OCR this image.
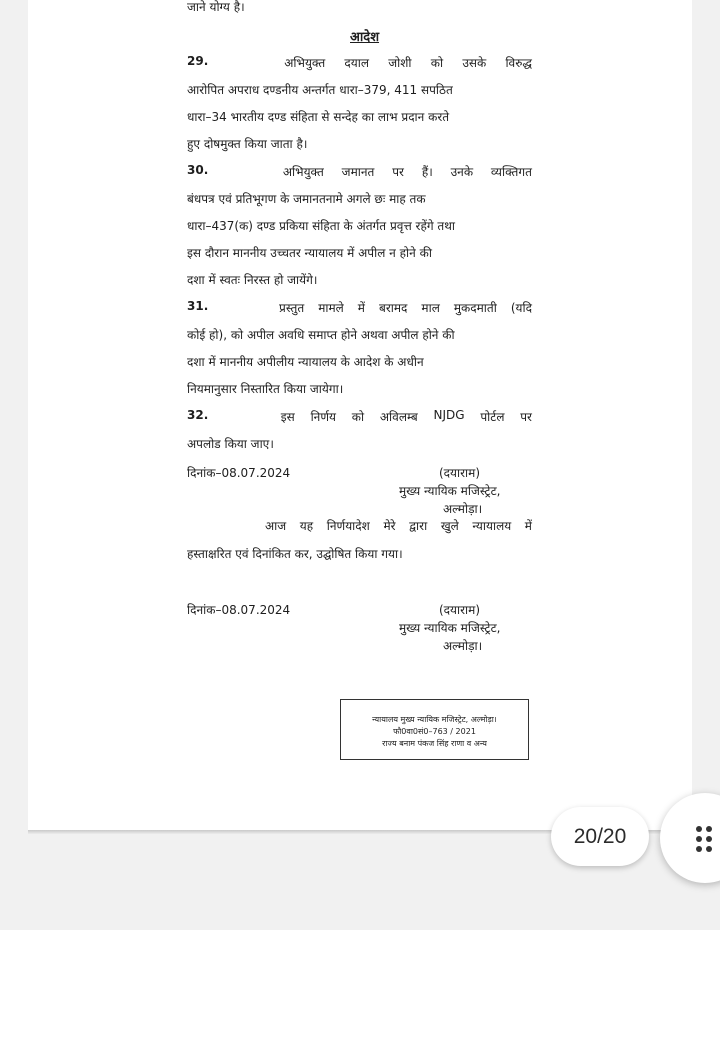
जाने योग्य है।
आदेश
29.	अभियुक्त दयाल जोशी को उसके विरुद्ध
आरोपित अपराध दण्डनीय अन्तर्गत धारा–379, 411 सपठित
धारा–34 भारतीय दण्ड संहिता से सन्देह का लाभ प्रदान करते
हुए दोषमुक्त किया जाता है।
30.	अभियुक्त जमानत पर हैं। उनके व्यक्तिगत
बंधपत्र एवं प्रतिभूगण के जमानतनामे अगले छः माह तक
धारा–437(क) दण्ड प्रकिया संहिता के अंतर्गत प्रवृत्त रहेंगे तथा
इस दौरान माननीय उच्चतर न्यायालय में अपील न होने की
दशा में स्वतः निरस्त हो जायेंगे।
31.	प्रस्तुत मामले में बरामद माल मुकदमाती (यदि
कोई हो), को अपील अवधि समाप्त होने अथवा अपील होने की
दशा में माननीय अपीलीय न्यायालय के आदेश के अधीन
नियमानुसार निस्तारित किया जायेगा।
32.	इस निर्णय को अविलम्ब NJDG पोर्टल पर
अपलोड किया जाए।
दिनांक–08.07.2024	(दयाराम)
मुख्य न्यायिक मजिस्ट्रेट,
अल्मोड़ा।
आज यह निर्णयादेश मेरे द्वारा खुले न्यायालय में
हस्ताक्षरित एवं दिनांकित कर, उद्घोषित किया गया।
दिनांक–08.07.2024	(दयाराम)
मुख्य न्यायिक मजिस्ट्रेट,
अल्मोड़ा।
न्यायालय मुख्य न्यायिक मजिस्ट्रेट, अल्मोड़ा।
फौ0वा0सं0–763 / 2021
राज्य बनाम पंकज सिंह राणा व अन्य
20/20
